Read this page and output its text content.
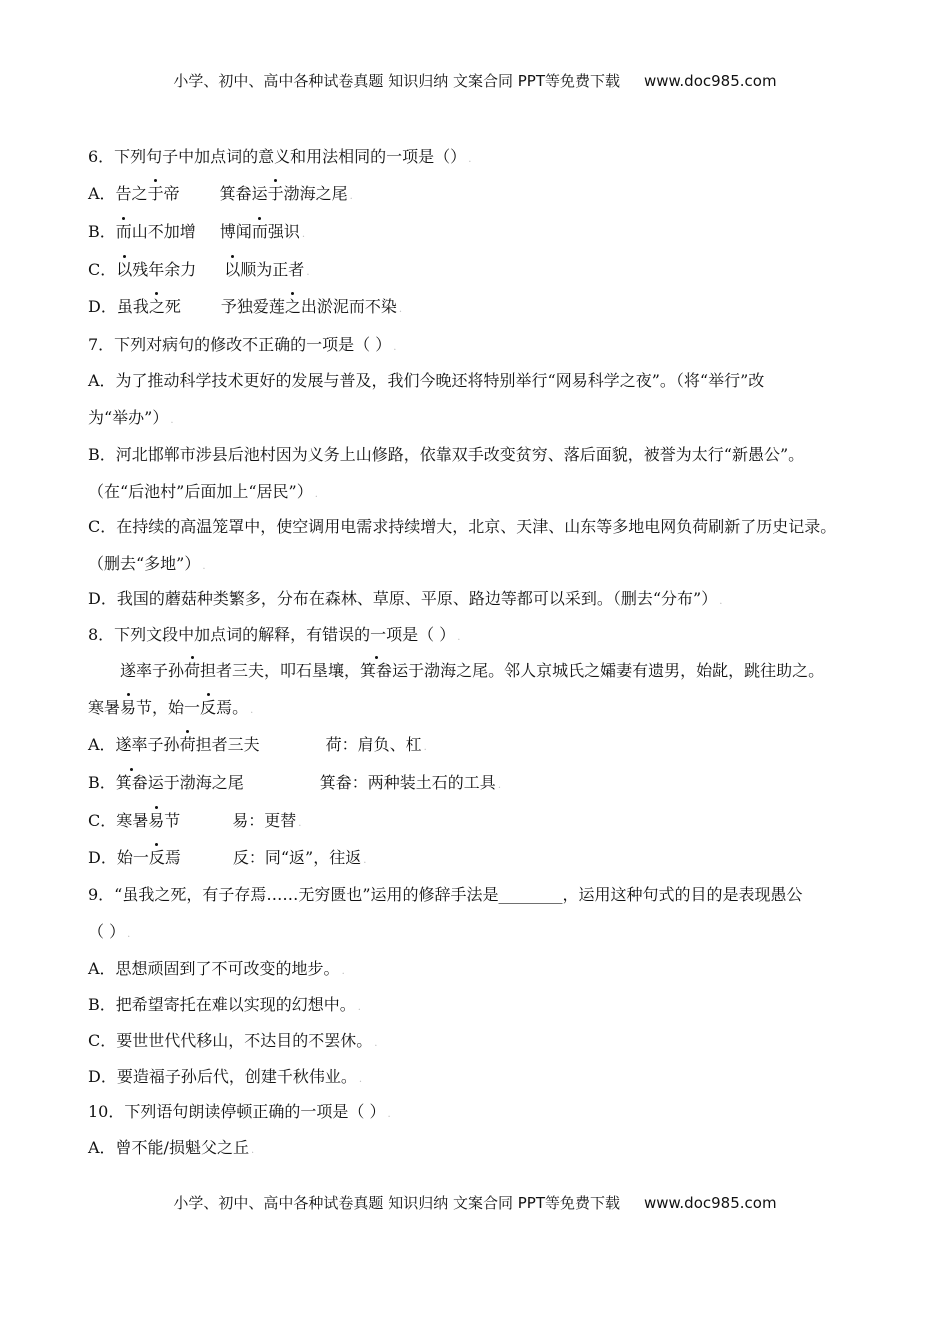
小学、初中、高中各种试卷真题 知识归纳 文案合同 PPT等免费下载 www.doc985.com
6．下列句子中加点词的意义和用法相同的一项是（） .
A．告之于帝	箕畚运于渤海之尾 .
B．而山不加增 博闻而强识 .
C．以残年余力 以顺为正者 .
D．虽我之死	予独爱莲之出淤泥而不染 .
7．下列对病句的修改不正确的一项是（ ） .
A．为了推动科学技术更好的发展与普及，我们今晚还将特别举行“网易科学之夜”。（将“举行”改
为“举办”） .
B．河北邯郸市涉县后池村因为义务上山修路，依靠双手改变贫穷、落后面貌，被誉为太行“新愚公”。
（在“后池村”后面加上“居民”） .
C．在持续的高温笼罩中，使空调用电需求持续增大，北京、天津、山东等多地电网负荷刷新了历史记录。
（删去“多地”） .
D．我国的蘑菇种类繁多，分布在森林、草原、平原、路边等都可以采到。（删去“分布”） .
8．下列文段中加点词的解释，有错误的一项是（ ） .
遂率子孙荷担者三夫，叩石垦壤，箕畚运于渤海之尾。邻人京城氏之孀妻有遗男，始龀，跳往助之。
寒暑易节，始一反焉。 .
A．遂率子孙荷担者三夫	荷：肩负、杠 .
B．箕畚运于渤海之尾	箕畚：两种装土石的工具 .
C．寒暑易节	易：更替 .
D．始一反焉	反：同“返”，往返 .
9．“虽我之死，有子存焉……无穷匮也”运用的修辞手法是________，运用这种句式的目的是表现愚公
（ ） .
A．思想顽固到了不可改变的地步。 .
B．把希望寄托在难以实现的幻想中。 .
C．要世世代代移山，不达目的不罢休。 .
D．要造福子孙后代，创建千秋伟业。 .
10．下列语句朗读停顿正确的一项是（ ） .
A．曾不能/损魁父之丘 .
小学、初中、高中各种试卷真题 知识归纳 文案合同 PPT等免费下载 www.doc985.com
